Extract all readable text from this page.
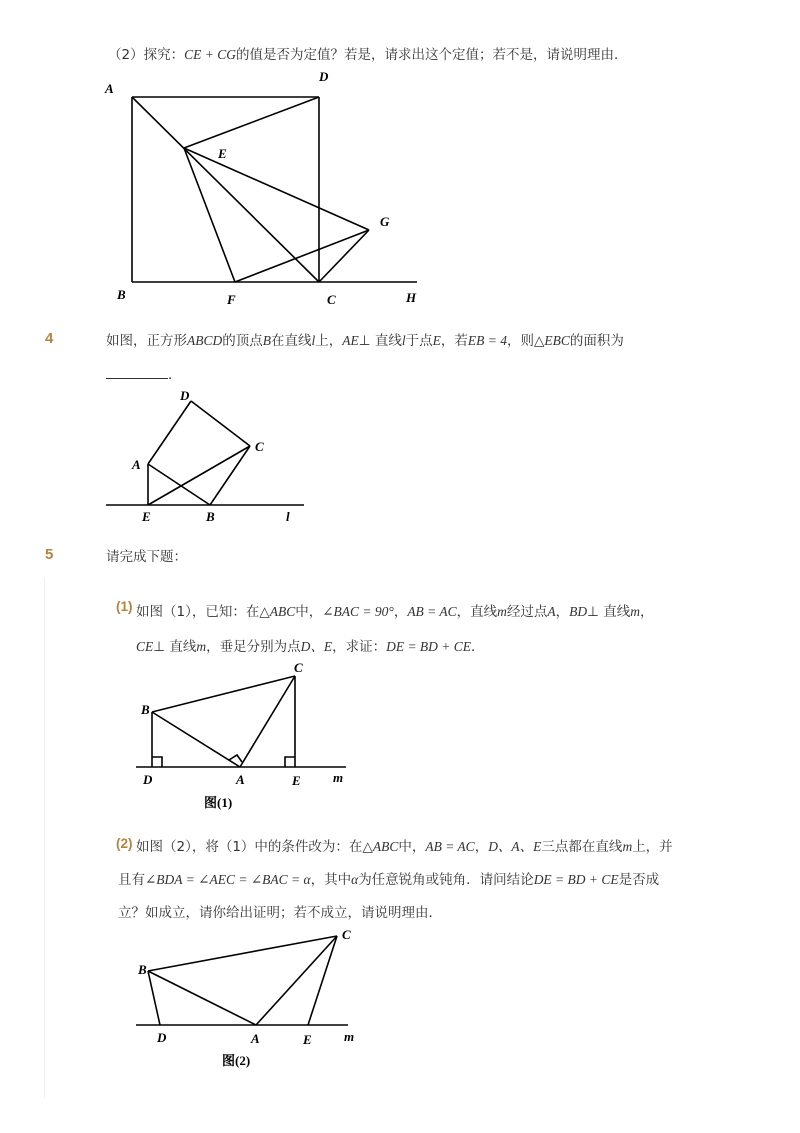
（2）探究：CE + CG的值是否为定值？若是，请求出这个定值；若不是，请说明理由．
A
D
E
G
B	F	C	H
4	如图，正方形ABCD的顶点B在直线l上，AE⊥ 直线l于点E，若EB = 4，则△EBC的面积为
．
D
C
A
E	B	l
5	请完成下题：
(1) 如图（1），已知：在△ABC中，∠BAC = 90°，AB = AC，直线m经过点A，BD⊥ 直线m，
CE⊥ 直线m，垂足分别为点D、E，求证：DE = BD + CE．
C
B
D	A	E m
图(1)
(2) 如图（2），将（1）中的条件改为：在△ABC中，AB = AC，D、A、E三点都在直线m上，并
且有∠BDA = ∠AEC = ∠BAC = α，其中α为任意锐角或钝角．请问结论DE = BD + CE是否成
立？如成立，请你给出证明；若不成立，请说明理由．
C
B
D	A	E m
图(2)
